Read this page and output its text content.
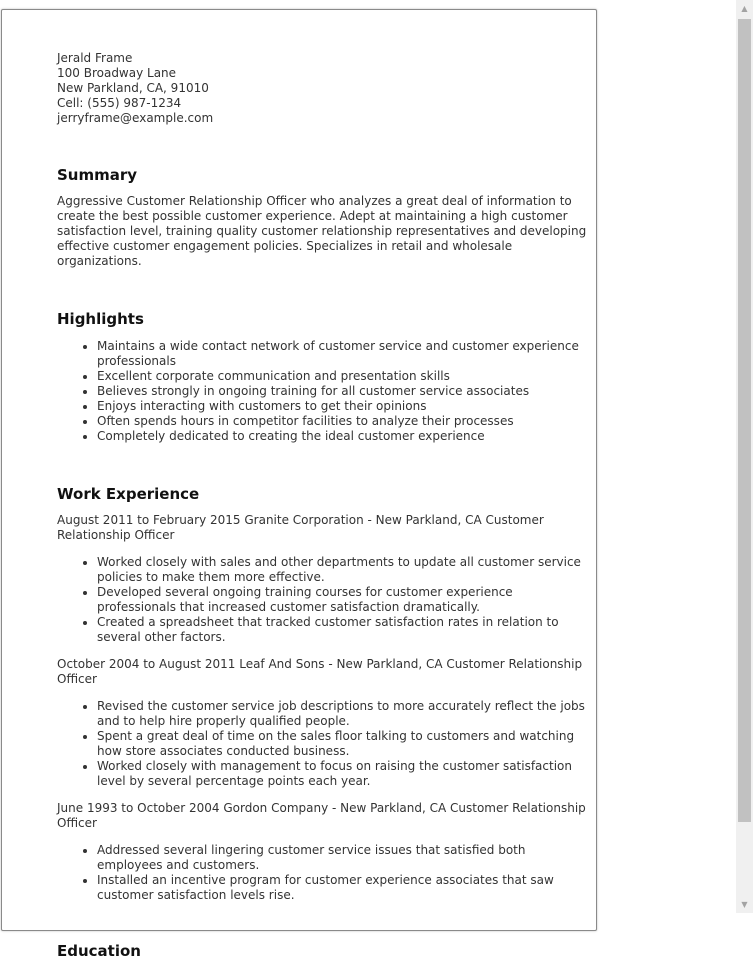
Jerald Frame
100 Broadway Lane
New Parkland, CA, 91010
Cell: (555) 987-1234
jerryframe@example.com
Summary
Aggressive Customer Relationship Officer who analyzes a great deal of information to create the best possible customer experience. Adept at maintaining a high customer satisfaction level, training quality customer relationship representatives and developing effective customer engagement policies. Specializes in retail and wholesale organizations.
Highlights
• Maintains a wide contact network of customer service and customer experience professionals
• Excellent corporate communication and presentation skills
• Believes strongly in ongoing training for all customer service associates
• Enjoys interacting with customers to get their opinions
• Often spends hours in competitor facilities to analyze their processes
• Completely dedicated to creating the ideal customer experience
Work Experience
August 2011 to February 2015 Granite Corporation - New Parkland, CA Customer Relationship Officer
• Worked closely with sales and other departments to update all customer service policies to make them more effective.
• Developed several ongoing training courses for customer experience professionals that increased customer satisfaction dramatically.
• Created a spreadsheet that tracked customer satisfaction rates in relation to several other factors.
October 2004 to August 2011 Leaf And Sons - New Parkland, CA Customer Relationship Officer
• Revised the customer service job descriptions to more accurately reflect the jobs and to help hire properly qualified people.
• Spent a great deal of time on the sales floor talking to customers and watching how store associates conducted business.
• Worked closely with management to focus on raising the customer satisfaction level by several percentage points each year.
June 1993 to October 2004 Gordon Company - New Parkland, CA Customer Relationship Officer
• Addressed several lingering customer service issues that satisfied both employees and customers.
• Installed an incentive program for customer experience associates that saw customer satisfaction levels rise.
Education
▲
▼
